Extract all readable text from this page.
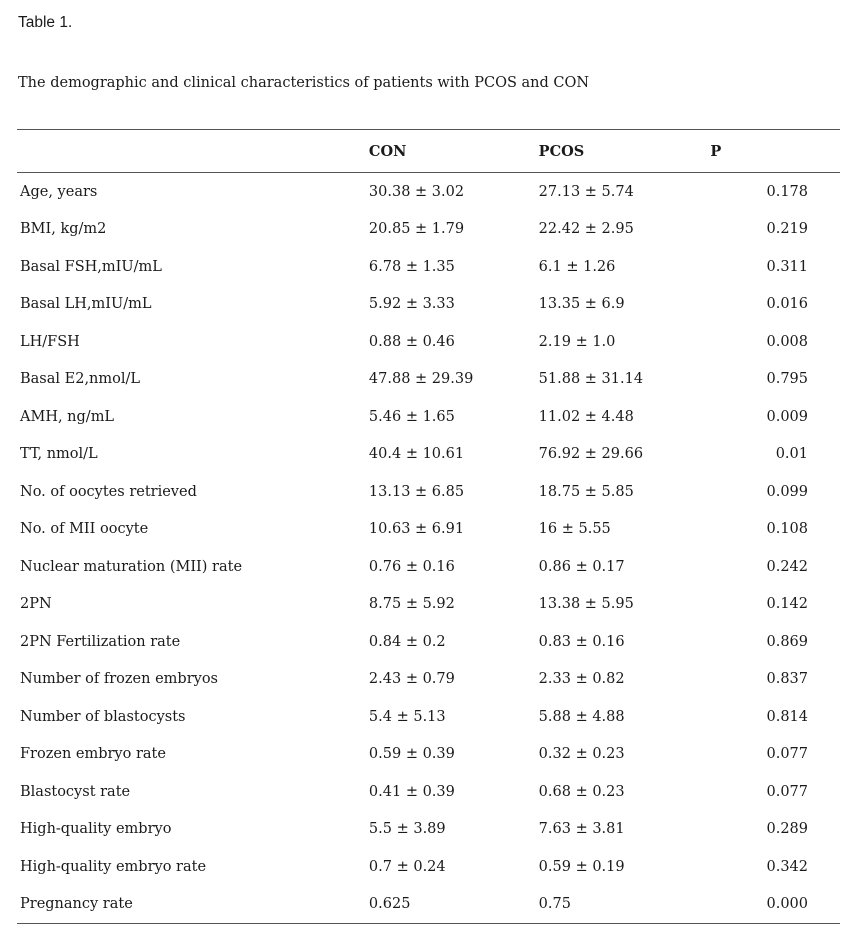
Table 1.
The demographic and clinical characteristics of patients with PCOS and CON
	CON	PCOS	P
Age, years	30.38 ± 3.02	27.13 ± 5.74	0.178
BMI, kg/m2	20.85 ± 1.79	22.42 ± 2.95	0.219
Basal FSH,mIU/mL	6.78 ± 1.35	6.1 ± 1.26	0.311
Basal LH,mIU/mL	5.92 ± 3.33	13.35 ± 6.9	0.016
LH/FSH	0.88 ± 0.46	2.19 ± 1.0	0.008
Basal E2,nmol/L	47.88 ± 29.39	51.88 ± 31.14	0.795
AMH, ng/mL	5.46 ± 1.65	11.02 ± 4.48	0.009
TT, nmol/L	40.4 ± 10.61	76.92 ± 29.66	0.01
No. of oocytes retrieved	13.13 ± 6.85	18.75 ± 5.85	0.099
No. of MII oocyte	10.63 ± 6.91	16 ± 5.55	0.108
Nuclear maturation (MII) rate	0.76 ± 0.16	0.86 ± 0.17	0.242
2PN	8.75 ± 5.92	13.38 ± 5.95	0.142
2PN Fertilization rate	0.84 ± 0.2	0.83 ± 0.16	0.869
Number of frozen embryos	2.43 ± 0.79	2.33 ± 0.82	0.837
Number of blastocysts	5.4 ± 5.13	5.88 ± 4.88	0.814
Frozen embryo rate	0.59 ± 0.39	0.32 ± 0.23	0.077
Blastocyst rate	0.41 ± 0.39	0.68 ± 0.23	0.077
High-quality embryo	5.5 ± 3.89	7.63 ± 3.81	0.289
High-quality embryo rate	0.7 ± 0.24	0.59 ± 0.19	0.342
Pregnancy rate	0.625	0.75	0.000
